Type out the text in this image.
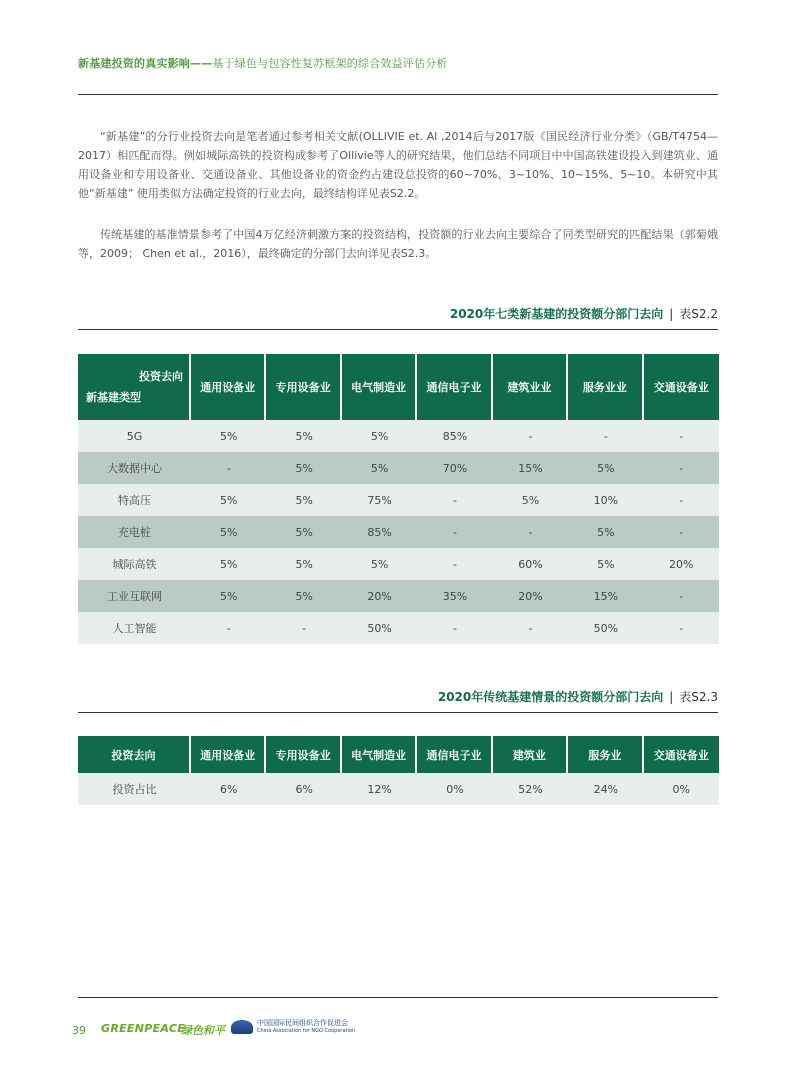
新基建投资的真实影响——基于绿色与包容性复苏框架的综合效益评估分析

“新基建”的分行业投资去向是笔者通过参考相关文献(OLLIVIE et. Al ,2014后与2017版《国民经济行业分类》（GB/T4754—2017）相匹配而得。例如城际高铁的投资构成参考了Ollivie等人的研究结果，他们总结不同项目中中国高铁建设投入到建筑业、通用设备业和专用设备业、交通设备业、其他设备业的资金约占建设总投资的60~70%、3~10%、10~15%、5~10。本研究中其他“新基建” 使用类似方法确定投资的行业去向，最终结构详见表S2.2。

传统基建的基准情景参考了中国4万亿经济刺激方案的投资结构，投资额的行业去向主要综合了同类型研究的匹配结果（郭菊娥 等，2009； Chen et al.，2016），最终确定的分部门去向详见表S2.3。

2020年七类新基建的投资额分部门去向 | 表S2.2
投资去向
新基建类型	通用设备业	专用设备业	电气制造业	通信电子业	建筑业业	服务业业	交通设备业
5G	5%	5%	5%	85%	-	-	-
大数据中心	-	5%	5%	70%	15%	5%	-
特高压	5%	5%	75%	-	5%	10%	-
充电桩	5%	5%	85%	-	-	5%	-
城际高铁	5%	5%	5%	-	60%	5%	20%
工业互联网	5%	5%	20%	35%	20%	15%	-
人工智能	-	-	50%	-	-	50%	-
2020年传统基建情景的投资额分部门去向 | 表S2.3
投资去向	通用设备业	专用设备业	电气制造业	通信电子业	建筑业	服务业	交通设备业
投资占比	6%	6%	12%	0%	52%	24%	0%
39 GREENPEACE
绿色和平
中国国际民间组织合作促进会
China Association for NGO Cooperation
